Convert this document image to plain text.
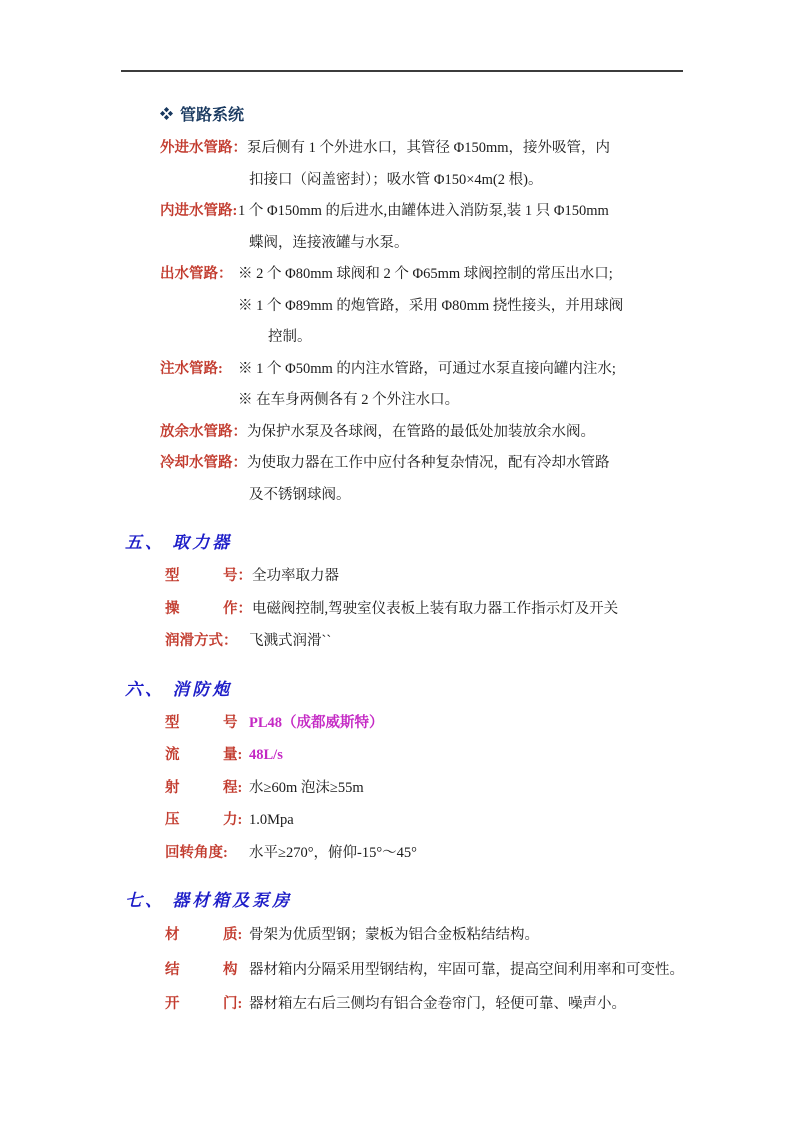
管路系统
外进水管路： 泵后侧有 1 个外进水口，其管径 Φ150mm，接外吸管，内
扣接口（闷盖密封）；吸水管 Φ150×4m(2 根)。
内进水管路: 1 个 Φ150mm 的后进水,由罐体进入消防泵,装 1 只 Φ150mm
蝶阀，连接液罐与水泵。
出水管路： ※ 2 个 Φ80mm 球阀和 2 个 Φ65mm 球阀控制的常压出水口;
※ 1 个 Φ89mm 的炮管路，采用 Φ80mm 挠性接头，并用球阀
控制。
注水管路:	※ 1 个 Φ50mm 的内注水管路，可通过水泵直接向罐内注水;
※ 在车身两侧各有 2 个外注水口。
放余水管路： 为保护水泵及各球阀，在管路的最低处加装放余水阀。
冷却水管路： 为使取力器在工作中应付各种复杂情况，配有冷却水管路
及不锈钢球阀。
五、 取力器
型　　　号： 全功率取力器
操　　　作： 电磁阀控制,驾驶室仪表板上装有取力器工作指示灯及开关
润滑方式： 飞溅式润滑``
六、 消防炮
型　　　号 PL48（成都威斯特）
流　　　量: 48L/s
射　　　程: 水≥60m 泡沫≥55m
压　　　力: 1.0Mpa
回转角度:	水平≥270°，俯仰-15°～45°
七、 器材箱及泵房
材　　　质: 骨架为优质型钢；蒙板为铝合金板粘结结构。
结　　　构 器材箱内分隔采用型钢结构，牢固可靠，提高空间利用率和可变性。
开　　　门: 器材箱左右后三侧均有铝合金卷帘门，轻便可靠、噪声小。
